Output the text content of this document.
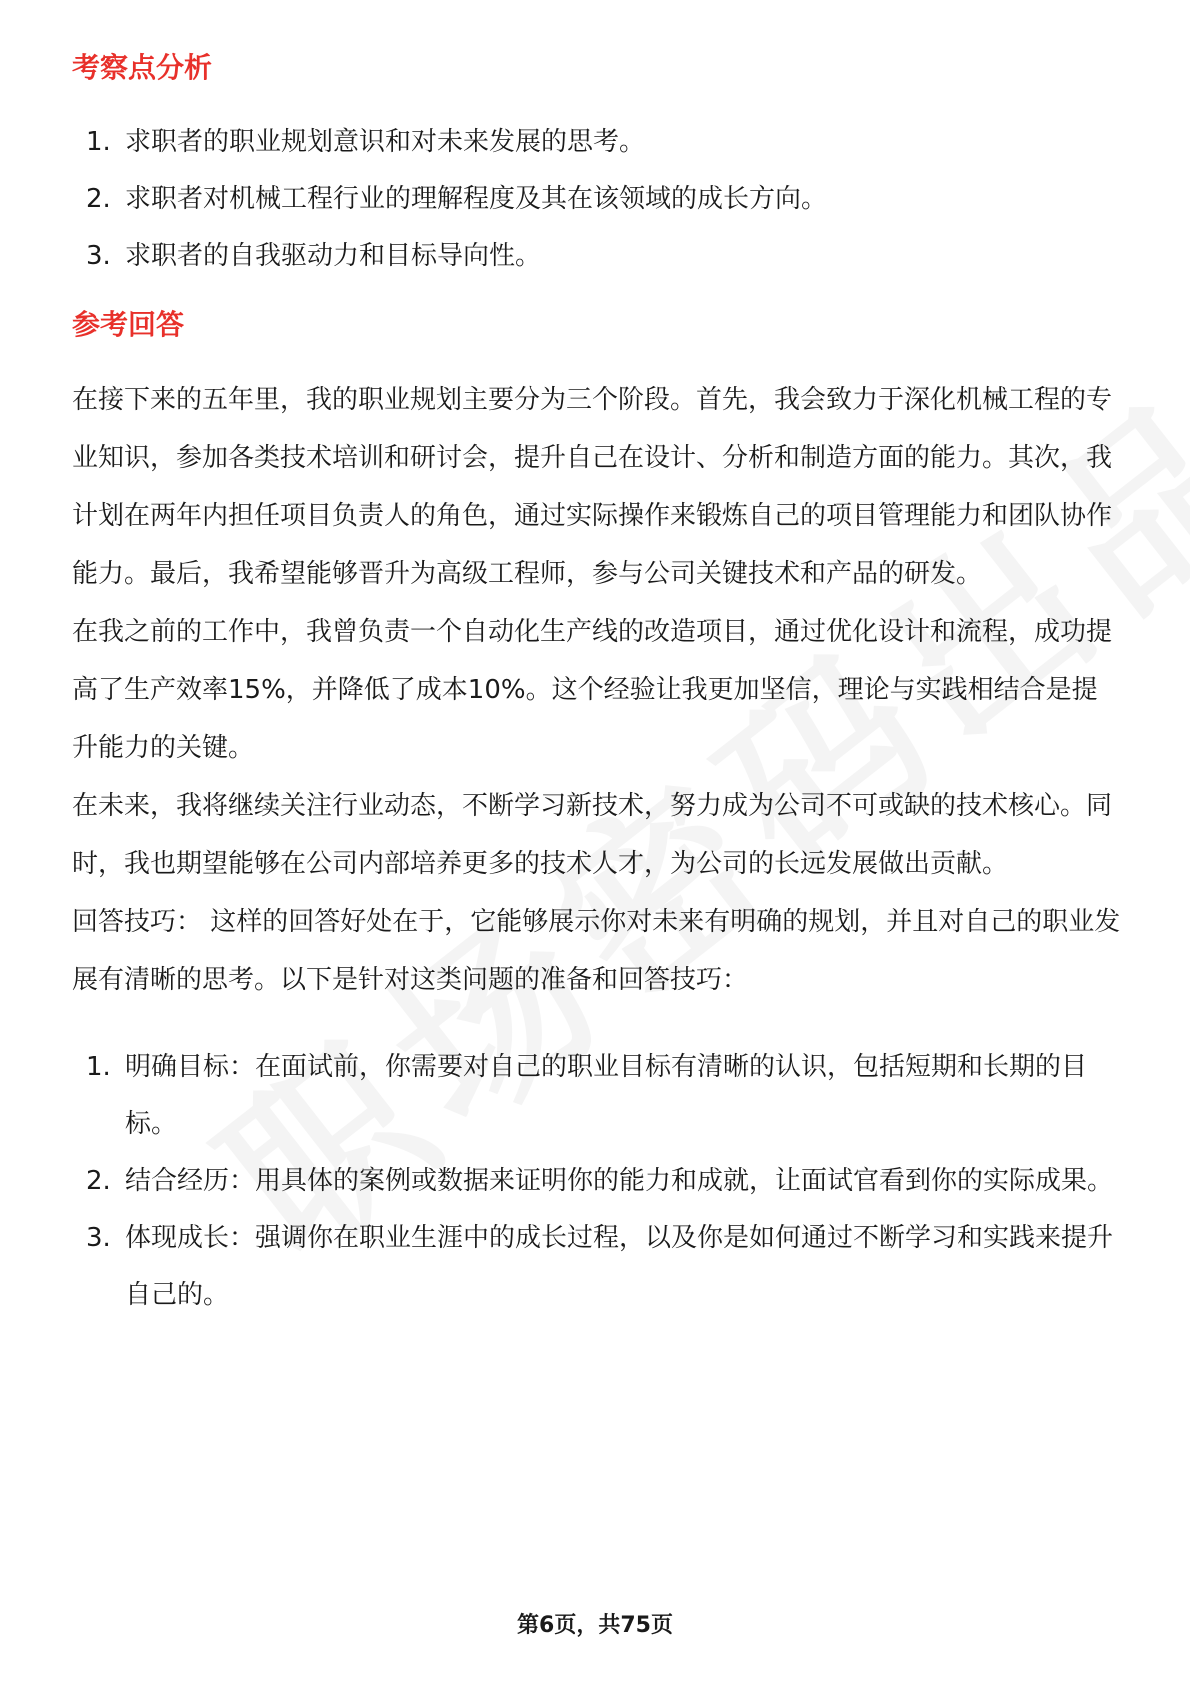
考察点分析
1. 求职者的职业规划意识和对未来发展的思考。
2. 求职者对机械工程行业的理解程度及其在该领域的成长方向。
3. 求职者的自我驱动力和目标导向性。
参考回答

在接下来的五年里，我的职业规划主要分为三个阶段。首先，我会致力于深化机械工程的专业知识，参加各类技术培训和研讨会，提升自己在设计、分析和制造方面的能力。其次，我计划在两年内担任项目负责人的角色，通过实际操作来锻炼自己的项目管理能力和团队协作能力。最后，我希望能够晋升为高级工程师，参与公司关键技术和产品的研发。

在我之前的工作中，我曾负责一个自动化生产线的改造项目，通过优化设计和流程，成功提高了生产效率15%，并降低了成本10%。这个经验让我更加坚信，理论与实践相结合是提升能力的关键。

在未来，我将继续关注行业动态，不断学习新技术，努力成为公司不可或缺的技术核心。同时，我也期望能够在公司内部培养更多的技术人才，为公司的长远发展做出贡献。

回答技巧： 这样的回答好处在于，它能够展示你对未来有明确的规划，并且对自己的职业发展有清晰的思考。以下是针对这类问题的准备和回答技巧：

1. 明确目标：在面试前，你需要对自己的职业目标有清晰的认识，包括短期和长期的目标。
2. 结合经历：用具体的案例或数据来证明你的能力和成就，让面试官看到你的实际成果。
3. 体现成长：强调你在职业生涯中的成长过程，以及你是如何通过不断学习和实践来提升自己的。
第6页，共75页
